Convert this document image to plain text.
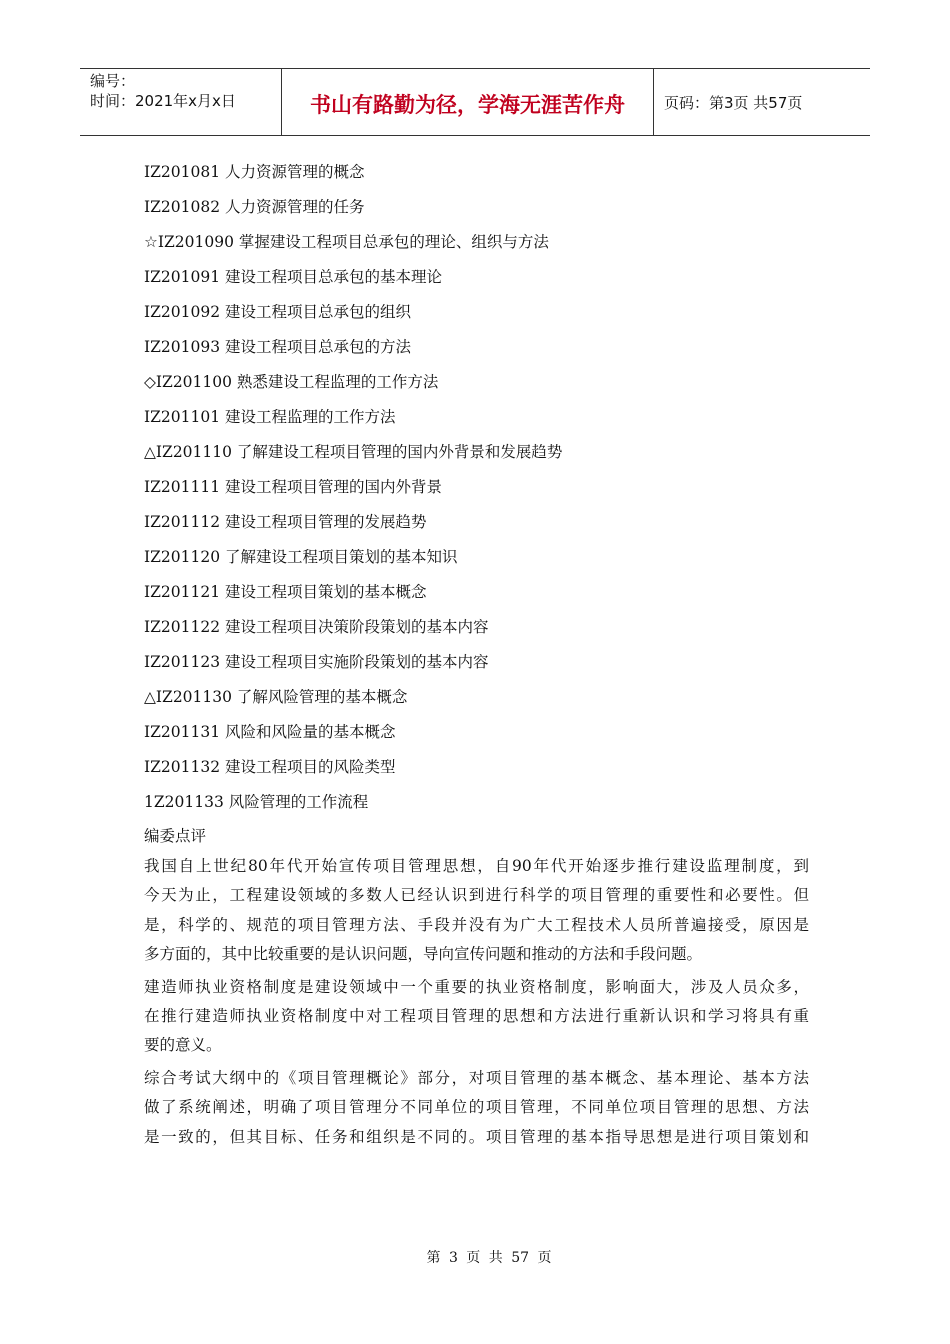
编号：
时间：2021年x月x日	书山有路勤为径，学海无涯苦作舟	页码：第3页 共57页
IZ201081 人力资源管理的概念
IZ201082 人力资源管理的任务
☆IZ201090 掌握建设工程项目总承包的理论、组织与方法
IZ201091 建设工程项目总承包的基本理论
IZ201092 建设工程项目总承包的组织
IZ201093 建设工程项目总承包的方法
◇IZ201100 熟悉建设工程监理的工作方法
IZ201101 建设工程监理的工作方法
△IZ201110 了解建设工程项目管理的国内外背景和发展趋势
IZ201111 建设工程项目管理的国内外背景
IZ201112 建设工程项目管理的发展趋势
IZ201120 了解建设工程项目策划的基本知识
IZ201121 建设工程项目策划的基本概念
IZ201122 建设工程项目决策阶段策划的基本内容
IZ201123 建设工程项目实施阶段策划的基本内容
△IZ201130 了解风险管理的基本概念
IZ201131 风险和风险量的基本概念
IZ201132 建设工程项目的风险类型
1Z201133 风险管理的工作流程
编委点评
我国自上世纪80年代开始宣传项目管理思想，自90年代开始逐步推行建设监理制度，到
今天为止，工程建设领域的多数人已经认识到进行科学的项目管理的重要性和必要性。但
是，科学的、规范的项目管理方法、手段并没有为广大工程技术人员所普遍接受，原因是
多方面的，其中比较重要的是认识问题，导向宣传问题和推动的方法和手段问题。
建造师执业资格制度是建设领域中一个重要的执业资格制度，影响面大，涉及人员众多，
在推行建造师执业资格制度中对工程项目管理的思想和方法进行重新认识和学习将具有重
要的意义。
综合考试大纲中的《项目管理概论》部分，对项目管理的基本概念、基本理论、基本方法
做了系统阐述，明确了项目管理分不同单位的项目管理，不同单位项目管理的思想、方法
是一致的，但其目标、任务和组织是不同的。项目管理的基本指导思想是进行项目策划和
第 3 页 共 57 页
